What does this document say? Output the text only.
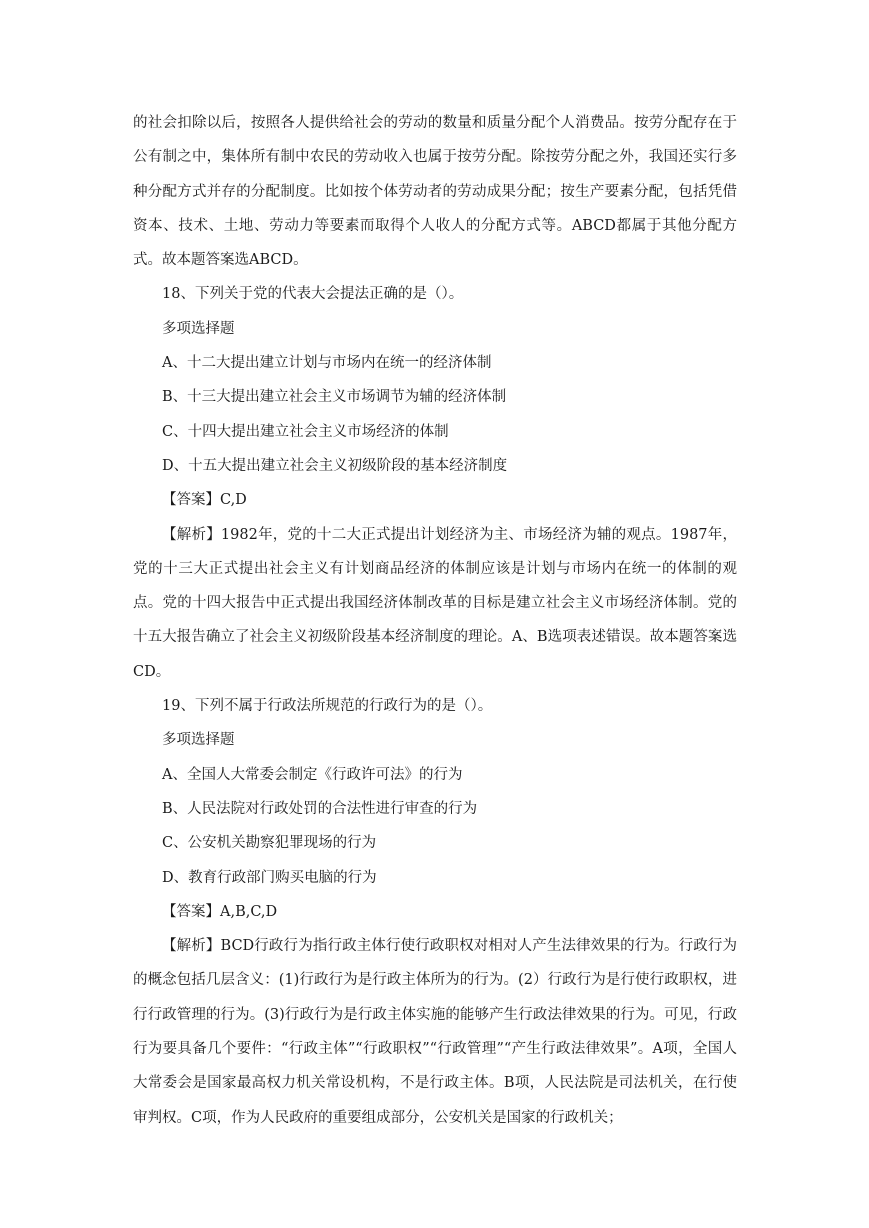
的社会扣除以后，按照各人提供给社会的劳动的数量和质量分配个人消费品。按劳分配存在于公有制之中，集体所有制中农民的劳动收入也属于按劳分配。除按劳分配之外，我国还实行多种分配方式并存的分配制度。比如按个体劳动者的劳动成果分配；按生产要素分配，包括凭借资本、技术、土地、劳动力等要素而取得个人收人的分配方式等。ABCD都属于其他分配方式。故本题答案选ABCD。

18、下列关于党的代表大会提法正确的是（）。

多项选择题

A、十二大提出建立计划与市场内在统一的经济体制

B、十三大提出建立社会主义市场调节为辅的经济体制

C、十四大提出建立社会主义市场经济的体制

D、十五大提出建立社会主义初级阶段的基本经济制度

【答案】C,D

【解析】1982年，党的十二大正式提出计划经济为主、市场经济为辅的观点。1987年，党的十三大正式提出社会主义有计划商品经济的体制应该是计划与市场内在统一的体制的观点。党的十四大报告中正式提出我国经济体制改革的目标是建立社会主义市场经济体制。党的十五大报告确立了社会主义初级阶段基本经济制度的理论。A、B选项表述错误。故本题答案选CD。

19、下列不属于行政法所规范的行政行为的是（）。

多项选择题

A、全国人大常委会制定《行政许可法》的行为

B、人民法院对行政处罚的合法性进行审查的行为

C、公安机关勘察犯罪现场的行为

D、教育行政部门购买电脑的行为

【答案】A,B,C,D

【解析】BCD行政行为指行政主体行使行政职权对相对人产生法律效果的行为。行政行为的概念包括几层含义：(1)行政行为是行政主体所为的行为。(2）行政行为是行使行政职权，进行行政管理的行为。(3)行政行为是行政主体实施的能够产生行政法律效果的行为。可见，行政行为要具备几个要件：“行政主体”“行政职权”“行政管理”“产生行政法律效果”。A项，全国人大常委会是国家最高权力机关常设机构，不是行政主体。B项，人民法院是司法机关，在行使审判权。C项，作为人民政府的重要组成部分，公安机关是国家的行政机关；
